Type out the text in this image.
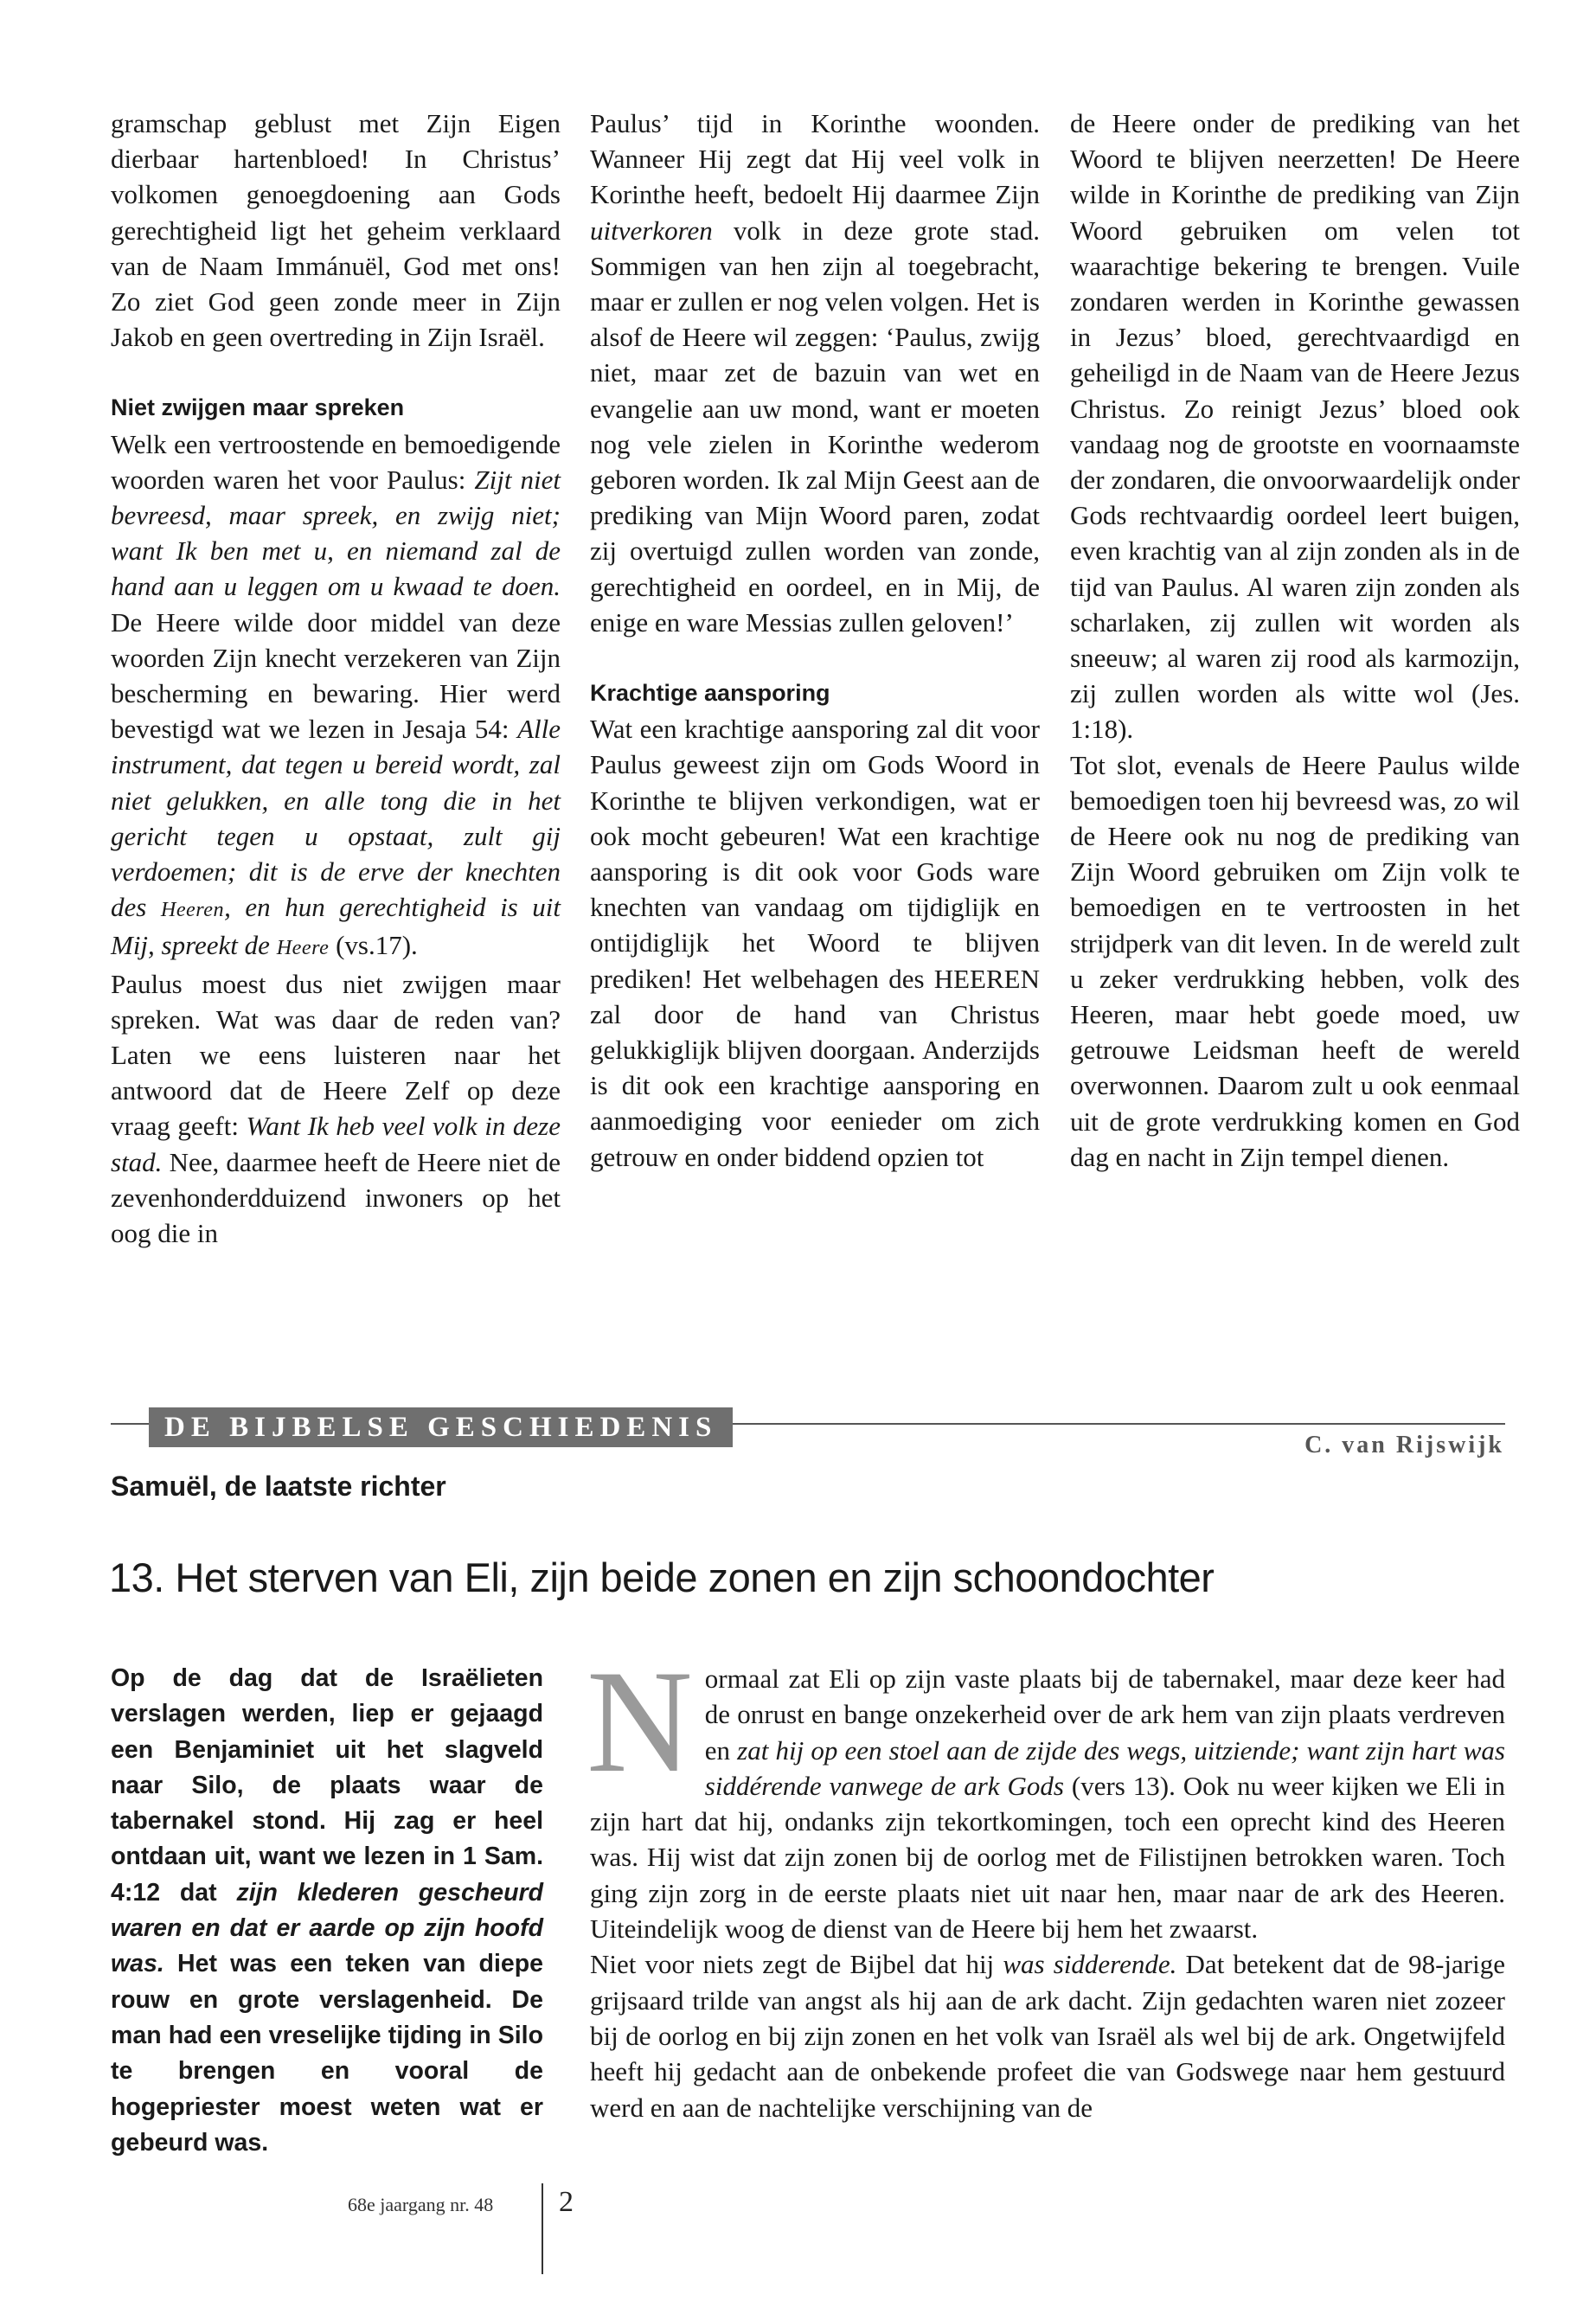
gramschap geblust met Zijn Eigen dierbaar hartenbloed! In Christus’ volkomen genoegdoening aan Gods gerechtigheid ligt het geheim verklaard van de Naam Immánuël, God met ons! Zo ziet God geen zonde meer in Zijn Jakob en geen overtreding in Zijn Israël.

Niet zwijgen maar spreken

Welk een vertroostende en bemoedigende woorden waren het voor Paulus: Zijt niet bevreesd, maar spreek, en zwijg niet; want Ik ben met u, en niemand zal de hand aan u leggen om u kwaad te doen. De Heere wilde door middel van deze woorden Zijn knecht verzekeren van Zijn bescherming en bewaring. Hier werd bevestigd wat we lezen in Jesaja 54: Alle instrument, dat tegen u bereid wordt, zal niet gelukken, en alle tong die in het gericht tegen u opstaat, zult gij verdoemen; dit is de erve der knechten des Heeren, en hun gerechtigheid is uit Mij, spreekt de Heere (vs.17).

Paulus moest dus niet zwijgen maar spreken. Wat was daar de reden van? Laten we eens luisteren naar het antwoord dat de Heere Zelf op deze vraag geeft: Want Ik heb veel volk in deze stad. Nee, daarmee heeft de Heere niet de zevenhonderdduizend inwoners op het oog die in

Paulus’ tijd in Korinthe woonden. Wanneer Hij zegt dat Hij veel volk in Korinthe heeft, bedoelt Hij daarmee Zijn uitverkoren volk in deze grote stad. Sommigen van hen zijn al toegebracht, maar er zullen er nog velen volgen. Het is alsof de Heere wil zeggen: ‘Paulus, zwijg niet, maar zet de bazuin van wet en evangelie aan uw mond, want er moeten nog vele zielen in Korinthe wederom geboren worden. Ik zal Mijn Geest aan de prediking van Mijn Woord paren, zodat zij overtuigd zullen worden van zonde, gerechtigheid en oordeel, en in Mij, de enige en ware Messias zullen geloven!’

Krachtige aansporing

Wat een krachtige aansporing zal dit voor Paulus geweest zijn om Gods Woord in Korinthe te blijven verkondigen, wat er ook mocht gebeuren! Wat een krachtige aansporing is dit ook voor Gods ware knechten van vandaag om tijdiglijk en ontijdiglijk het Woord te blijven prediken! Het welbehagen des HEEREN zal door de hand van Christus gelukkiglijk blijven doorgaan. Anderzijds is dit ook een krachtige aansporing en aanmoediging voor eenieder om zich getrouw en onder biddend opzien tot

de Heere onder de prediking van het Woord te blijven neerzetten! De Heere wilde in Korinthe de prediking van Zijn Woord gebruiken om velen tot waarachtige bekering te brengen. Vuile zondaren werden in Korinthe gewassen in Jezus’ bloed, gerechtvaardigd en geheiligd in de Naam van de Heere Jezus Christus. Zo reinigt Jezus’ bloed ook vandaag nog de grootste en voornaamste der zondaren, die onvoorwaardelijk onder Gods rechtvaardig oordeel leert buigen, even krachtig van al zijn zonden als in de tijd van Paulus. Al waren zijn zonden als scharlaken, zij zullen wit worden als sneeuw; al waren zij rood als karmozijn, zij zullen worden als witte wol (Jes. 1:18).

Tot slot, evenals de Heere Paulus wilde bemoedigen toen hij bevreesd was, zo wil de Heere ook nu nog de prediking van Zijn Woord gebruiken om Zijn volk te bemoedigen en te vertroosten in het strijdperk van dit leven. In de wereld zult u zeker verdrukking hebben, volk des Heeren, maar hebt goede moed, uw getrouwe Leidsman heeft de wereld overwonnen. Daarom zult u ook eenmaal uit de grote verdrukking komen en God dag en nacht in Zijn tempel dienen.

DE BIJBELSE GESCHIEDENIS
C. van Rijswijk
Samuël, de laatste richter
13. Het sterven van Eli, zijn beide zonen en zijn schoondochter

Op de dag dat de Israëlieten verslagen werden, liep er gejaagd een Benjaminiet uit het slagveld naar Silo, de plaats waar de tabernakel stond. Hij zag er heel ontdaan uit, want we lezen in 1 Sam. 4:12 dat zijn klederen gescheurd waren en dat er aarde op zijn hoofd was. Het was een teken van diepe rouw en grote verslagenheid. De man had een vreselijke tijding in Silo te brengen en vooral de hogepriester moest weten wat er gebeurd was.

Normaal zat Eli op zijn vaste plaats bij de tabernakel, maar deze keer had de onrust en bange onzekerheid over de ark hem van zijn plaats verdreven en zat hij op een stoel aan de zijde des wegs, uitziende; want zijn hart was siddérende vanwege de ark Gods (vers 13). Ook nu weer kijken we Eli in zijn hart dat hij, ondanks zijn tekortkomingen, toch een oprecht kind des Heeren was. Hij wist dat zijn zonen bij de oorlog met de Filistijnen betrokken waren. Toch ging zijn zorg in de eerste plaats niet uit naar hen, maar naar de ark des Heeren. Uiteindelijk woog de dienst van de Heere bij hem het zwaarst.

Niet voor niets zegt de Bijbel dat hij was sidderende. Dat betekent dat de 98-jarige grijsaard trilde van angst als hij aan de ark dacht. Zijn gedachten waren niet zozeer bij de oorlog en bij zijn zonen en het volk van Israël als wel bij de ark. Ongetwijfeld heeft hij gedacht aan de onbekende profeet die van Godswege naar hem gestuurd werd en aan de nachtelijke verschijning van de

68e jaargang nr. 48 2
